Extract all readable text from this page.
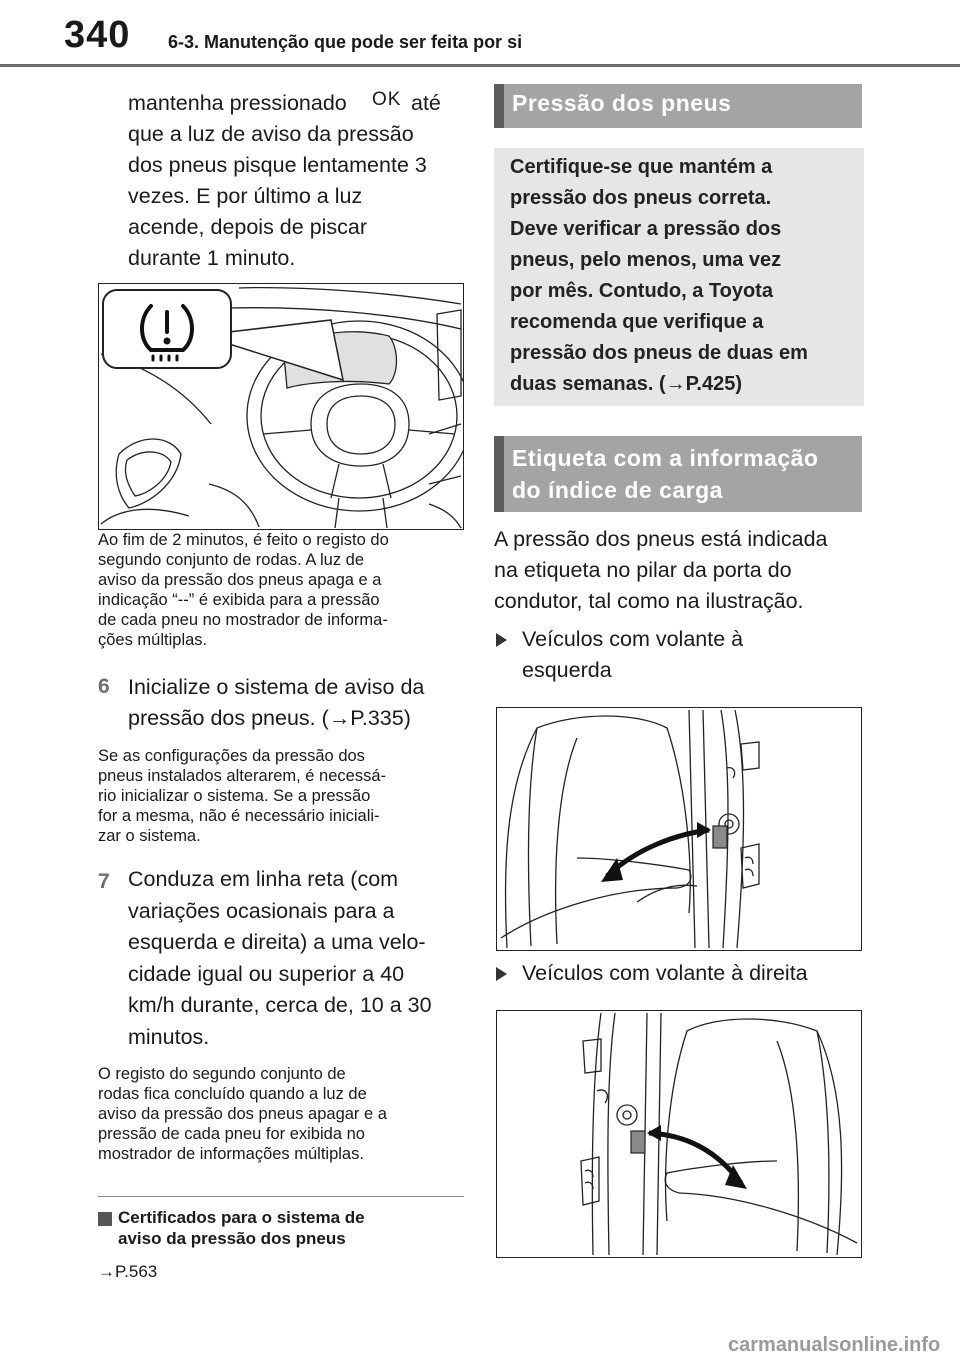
340 6-3. Manutenção que pode ser feita por si
mantenha pressionado OK até
que a luz de aviso da pressão
dos pneus pisque lentamente 3
vezes. E por último a luz
acende, depois de piscar
durante 1 minuto.
Ao fim de 2 minutos, é feito o registo do
segundo conjunto de rodas. A luz de
aviso da pressão dos pneus apaga e a
indicação “--” é exibida para a pressão
de cada pneu no mostrador de informa-
ções múltiplas.
6 Inicialize o sistema de aviso da
pressão dos pneus. (→P.335)
Se as configurações da pressão dos
pneus instalados alterarem, é necessá-
rio inicializar o sistema. Se a pressão
for a mesma, não é necessário iniciali-
zar o sistema.
7 Conduza em linha reta (com
variações ocasionais para a
esquerda e direita) a uma velo-
cidade igual ou superior a 40
km/h durante, cerca de, 10 a 30
minutos.
O registo do segundo conjunto de
rodas fica concluído quando a luz de
aviso da pressão dos pneus apagar e a
pressão de cada pneu for exibida no
mostrador de informações múltiplas.
Certificados para o sistema de
aviso da pressão dos pneus
→P.563
Pressão dos pneus
Certifique-se que mantém a
pressão dos pneus correta.
Deve verificar a pressão dos
pneus, pelo menos, uma vez
por mês. Contudo, a Toyota
recomenda que verifique a
pressão dos pneus de duas em
duas semanas. (→P.425)
Etiqueta com a informação
do índice de carga
A pressão dos pneus está indicada
na etiqueta no pilar da porta do
condutor, tal como na ilustração.
Veículos com volante à
esquerda
Veículos com volante à direita
carmanualsonline.info
